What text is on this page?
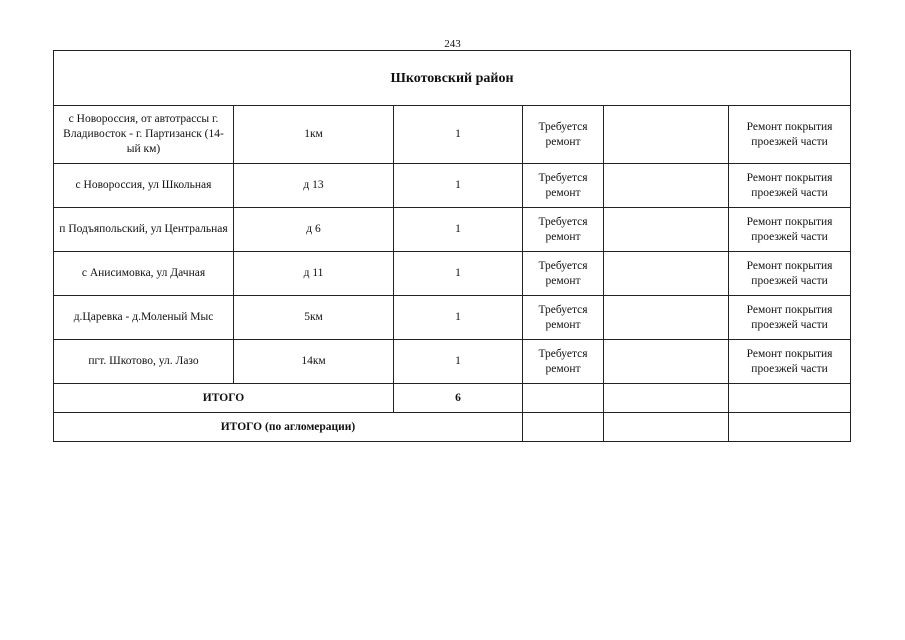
243
Шкотовский район					
с Новороссия, от автотрассы г. Владивосток - г. Партизанск (14-ый км)	1км	1	Требуется ремонт		Ремонт покрытия проезжей части
с Новороссия, ул Школьная	д 13	1	Требуется ремонт		Ремонт покрытия проезжей части
п Подъяпольский, ул Центральная	д 6	1	Требуется ремонт		Ремонт покрытия проезжей части
с Анисимовка, ул Дачная	д 11	1	Требуется ремонт		Ремонт покрытия проезжей части
д.Царевка - д.Моленый Мыс	5км	1	Требуется ремонт		Ремонт покрытия проезжей части
пгт. Шкотово, ул. Лазо	14км	1	Требуется ремонт		Ремонт покрытия проезжей части
ИТОГО		6			
ИТОГО (по агломерации)					
